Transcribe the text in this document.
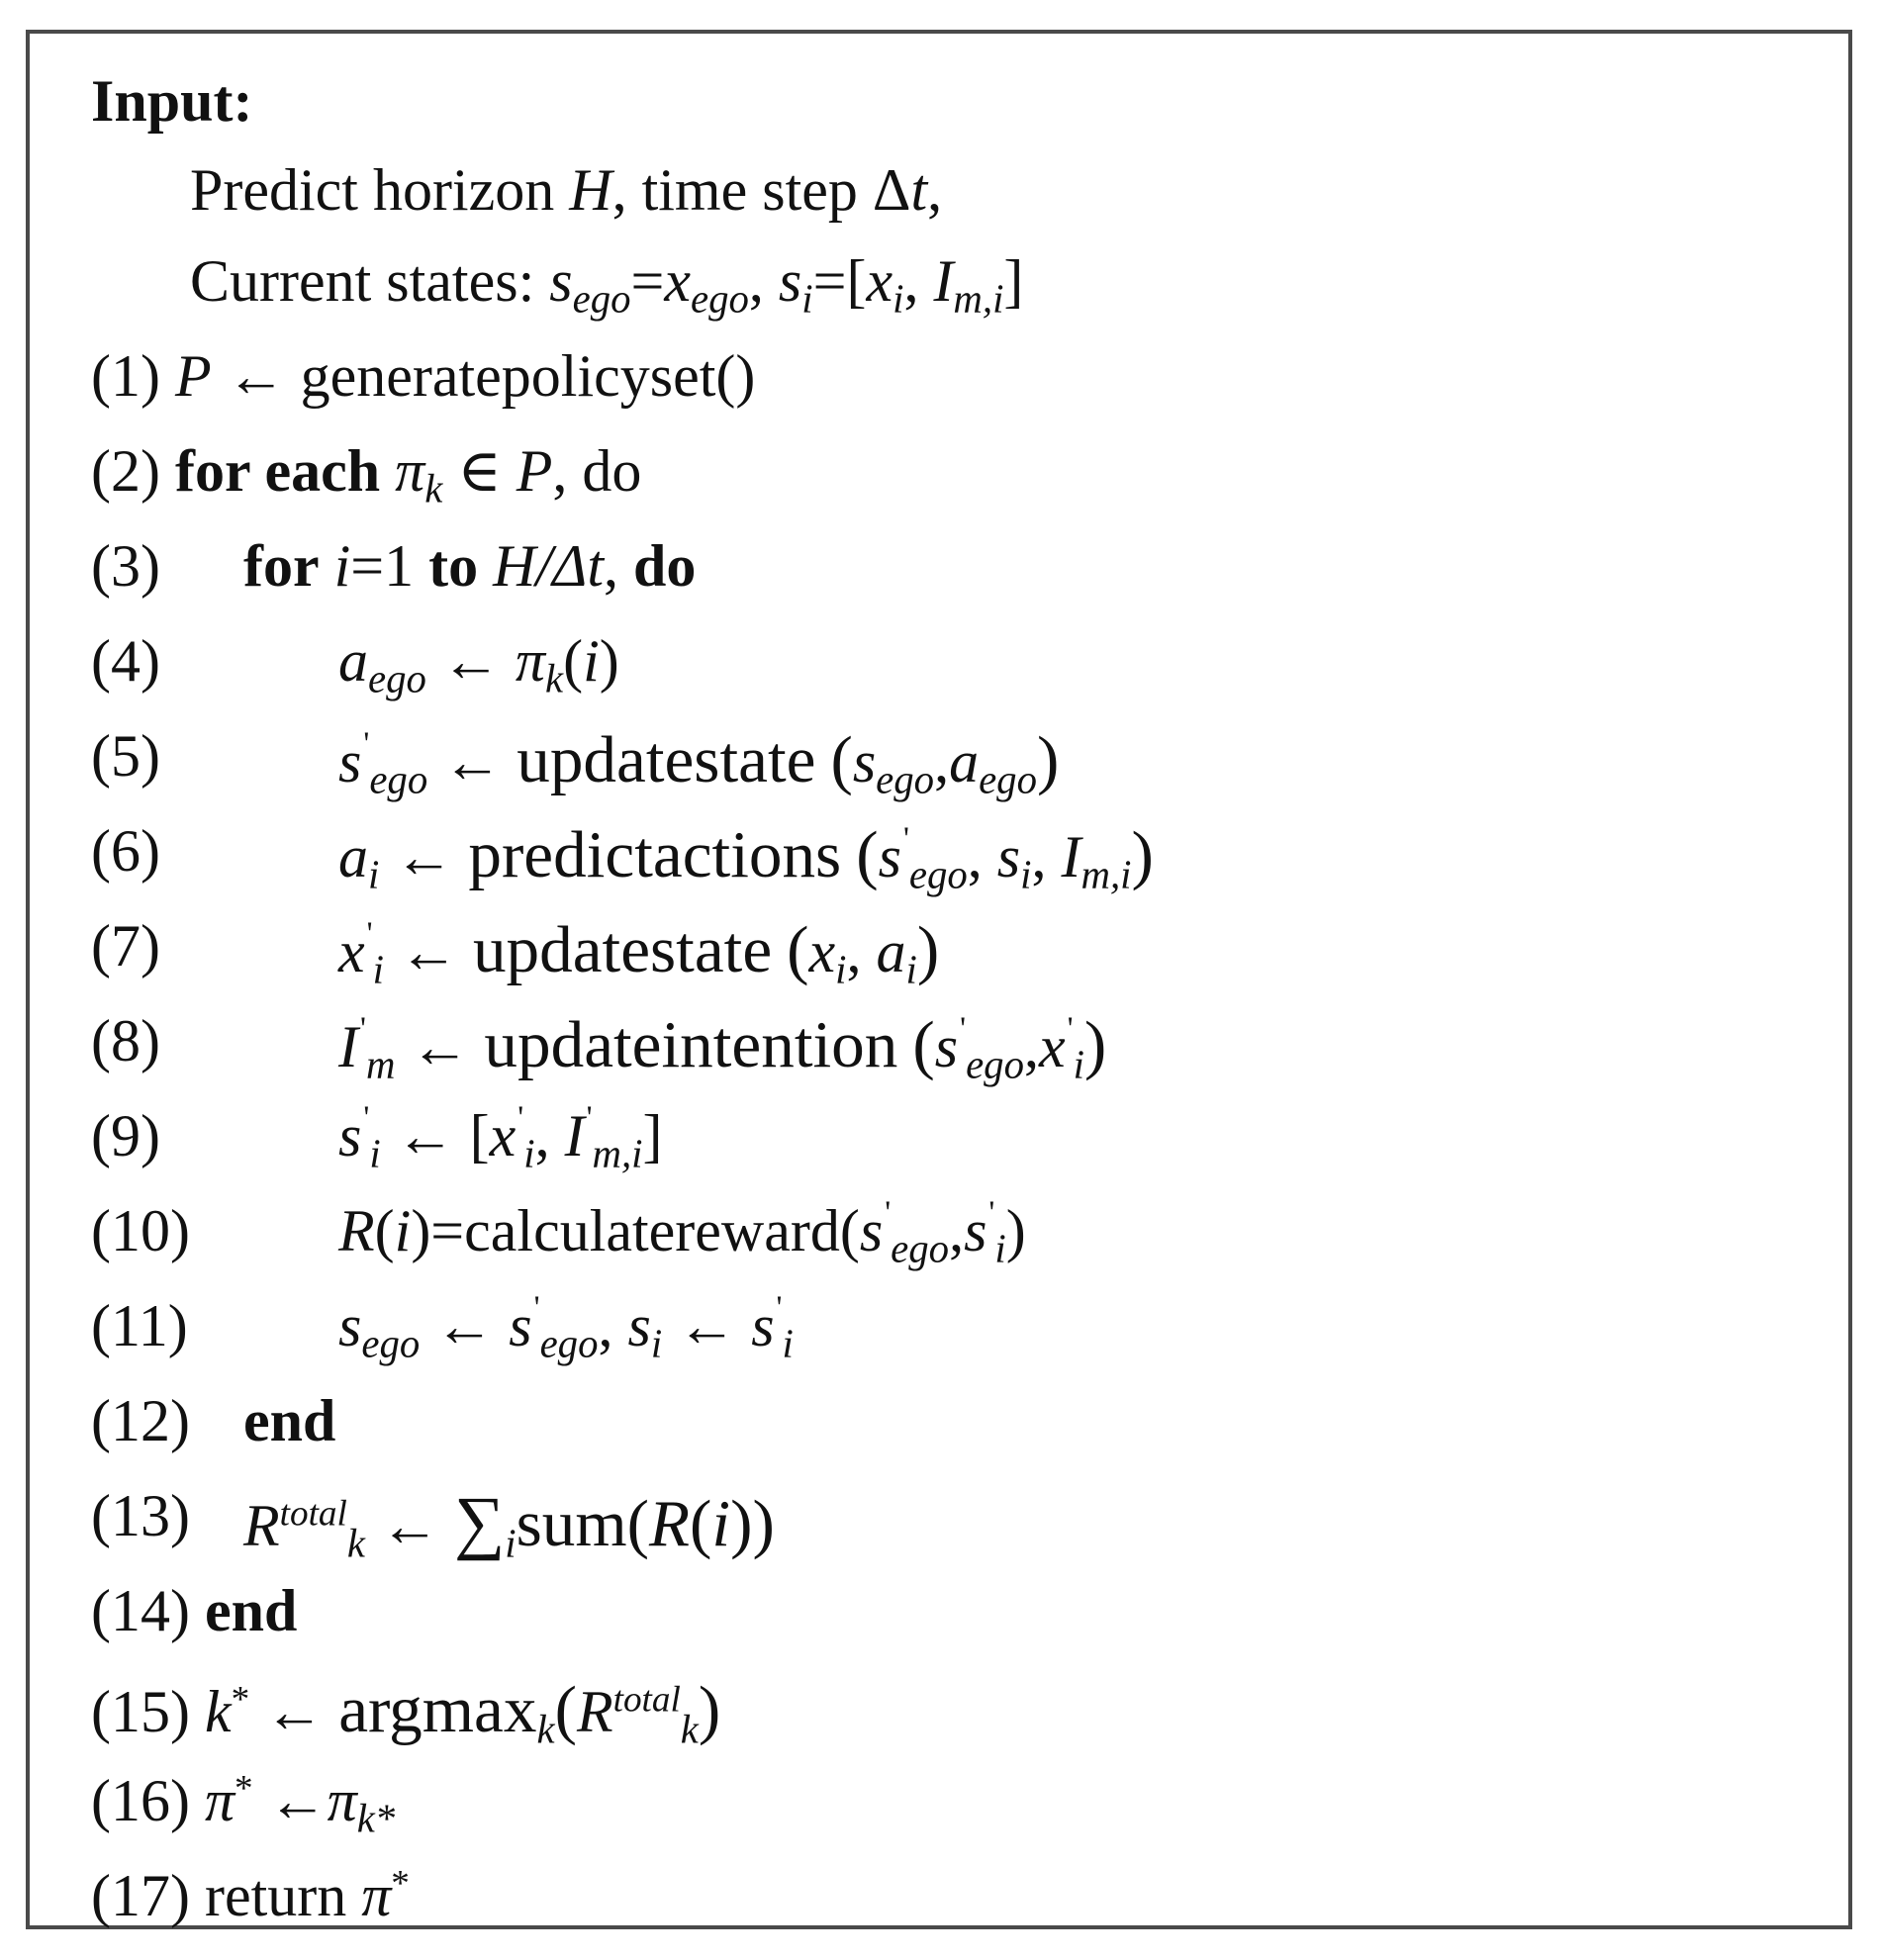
Input:
Predict horizon H, time step Δt,
Current states: $s_{ego}=x_{ego}$, $s_i=[x_i$, $I_{m,i}$]
(1) P ← generatepolicyset()
(2) for each $\pi_k$ ∈ P, do
(3) for i=1 to H/Δt, do
(4)	$a_{ego}$ ← $\pi_k(i)$
(5)	$s'_{ego}$ ← updatestate $(s_{ego},a_{ego})$
(6)	$a_i$ ← predictactions ($s'_{ego}$, $s_i$, $I_{m,i}$)
(7)	$x'_i$ ← updatestate ($x_i$, $a_i$)
(8)	$I'_m$ ← updateintention $(s'_{ego},x'_i)$
(9)	$s'_i$ ← [$x'_i$, $I'_{m,i}$]
(10)	$R(i)=calculatereward(s'_{ego},s'_i)$
(11)	$s_{ego}$ ← $s'_{ego}$, $s_i$ ← $s'_i$
(12) end
(13) $R^{total}_k$ ← $\sum_isum(R(i))$
(14) end
(15) k* ← $argmax_k(R^{total}_k)$
(16) π* $\leftarrow\pi_{k*}$
(17) return π*
